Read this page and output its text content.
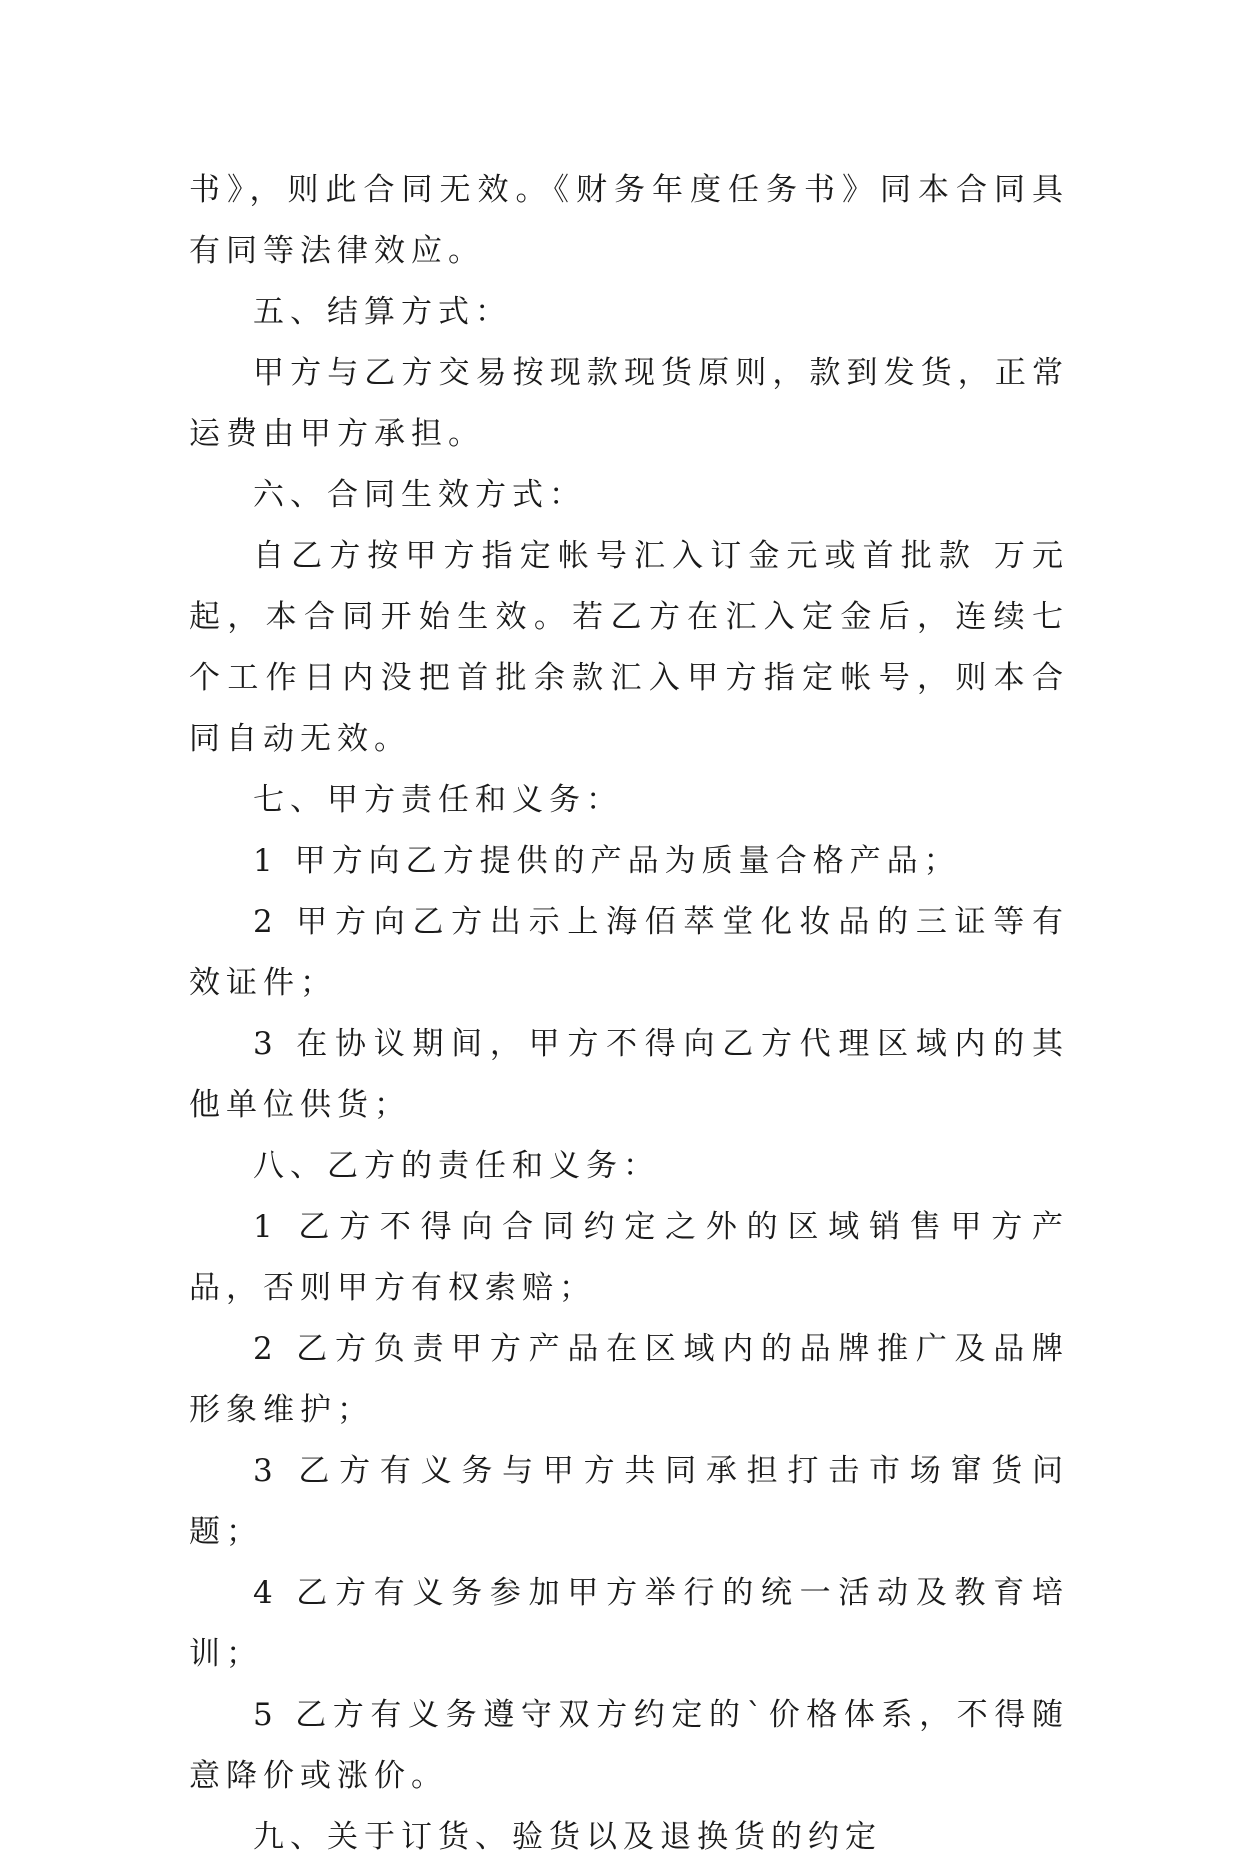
书》，则此合同无效。《财务年度任务书》同本合同具有同等法律效应。

五、结算方式：

甲方与乙方交易按现款现货原则，款到发货，正常运费由甲方承担。

六、合同生效方式：

自乙方按甲方指定帐号汇入订金元或首批款 万元起，本合同开始生效。若乙方在汇入定金后，连续七个工作日内没把首批余款汇入甲方指定帐号，则本合同自动无效。

七、甲方责任和义务：

1 甲方向乙方提供的产品为质量合格产品；

2 甲方向乙方出示上海佰萃堂化妆品的三证等有效证件；

3 在协议期间，甲方不得向乙方代理区域内的其他单位供货；

八、乙方的责任和义务：

1 乙方不得向合同约定之外的区域销售甲方产品，否则甲方有权索赔；

2 乙方负责甲方产品在区域内的品牌推广及品牌形象维护；

3 乙方有义务与甲方共同承担打击市场窜货问题；

4 乙方有义务参加甲方举行的统一活动及教育培训；

5 乙方有义务遵守双方约定的`价格体系，不得随意降价或涨价。

九、关于订货、验货以及退换货的约定
